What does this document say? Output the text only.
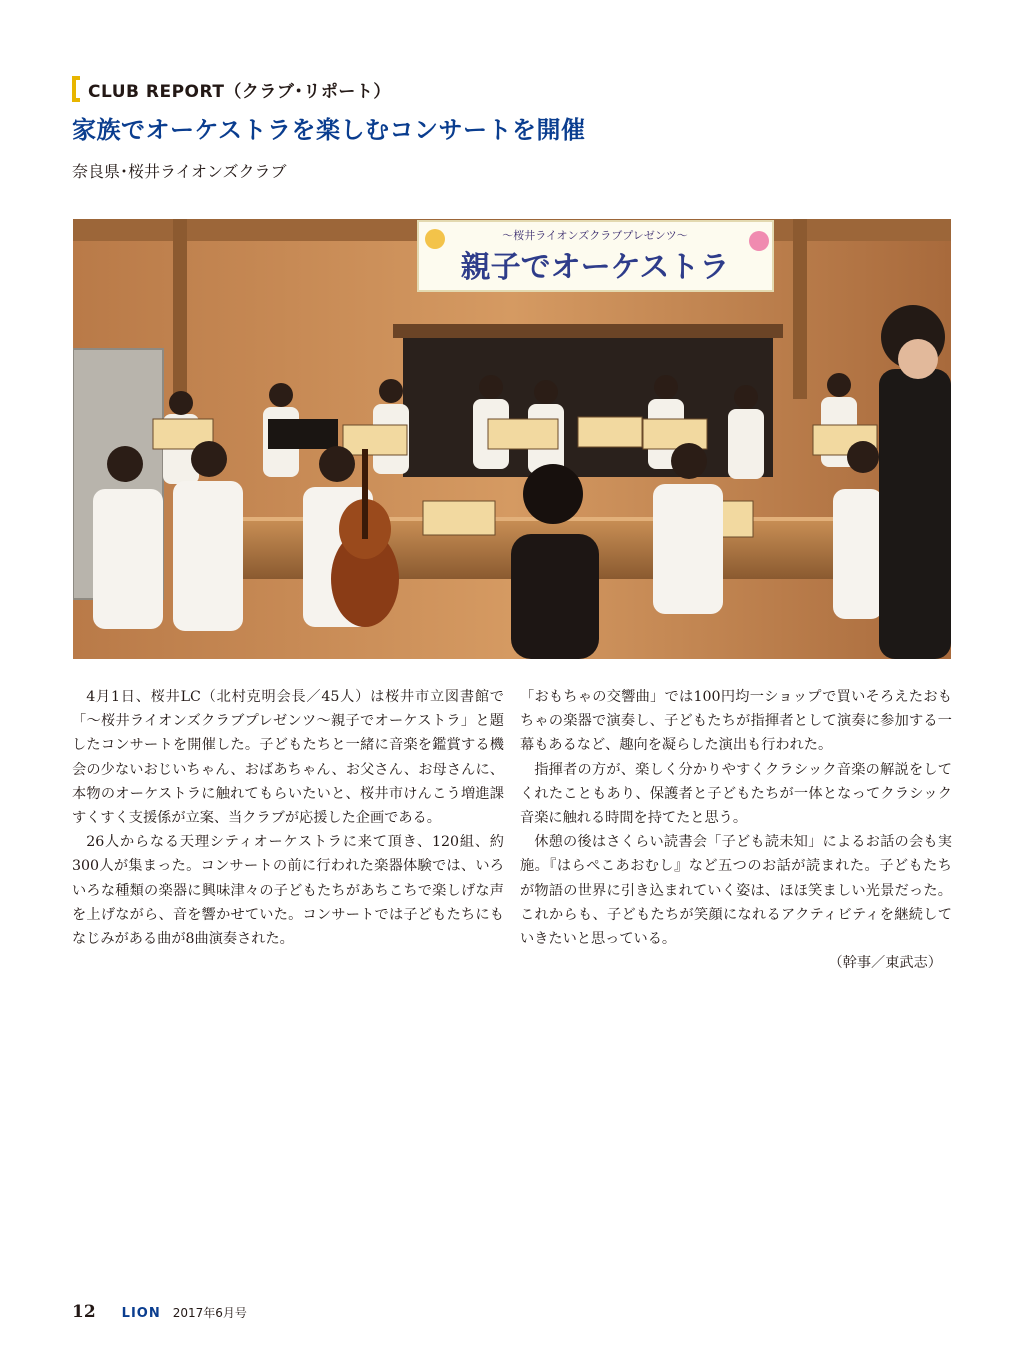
CLUB REPORT（クラブ･リポート）
家族でオーケストラを楽しむコンサートを開催
奈良県･桜井ライオンズクラブ
～桜井ライオンズクラブプレゼンツ～
親子でオーケストラ

4月1日、桜井LC（北村克明会長／45人）は桜井市立図書館で「～桜井ライオンズクラブプレゼンツ～親子でオーケストラ」と題したコンサートを開催した。子どもたちと一緒に音楽を鑑賞する機会の少ないおじいちゃん、おばあちゃん、お父さん、お母さんに、本物のオーケストラに触れてもらいたいと、桜井市けんこう増進課すくすく支援係が立案、当クラブが応援した企画である。

26人からなる天理シティオーケストラに来て頂き、120組、約300人が集まった。コンサートの前に行われた楽器体験では、いろいろな種類の楽器に興味津々の子どもたちがあちこちで楽しげな声を上げながら、音を響かせていた。コンサートでは子どもたちにもなじみがある曲が8曲演奏された。

「おもちゃの交響曲」では100円均一ショップで買いそろえたおもちゃの楽器で演奏し、子どもたちが指揮者として演奏に参加する一幕もあるなど、趣向を凝らした演出も行われた。

指揮者の方が、楽しく分かりやすくクラシック音楽の解説をしてくれたこともあり、保護者と子どもたちが一体となってクラシック音楽に触れる時間を持てたと思う。

休憩の後はさくらい読書会「子ども読未知」によるお話の会も実施。『はらぺこあおむし』など五つのお話が読まれた。子どもたちが物語の世界に引き込まれていく姿は、ほほ笑ましい光景だった。これからも、子どもたちが笑顔になれるアクティビティを継続していきたいと思っている。

（幹事／東武志）

12 LION 2017年6月号
